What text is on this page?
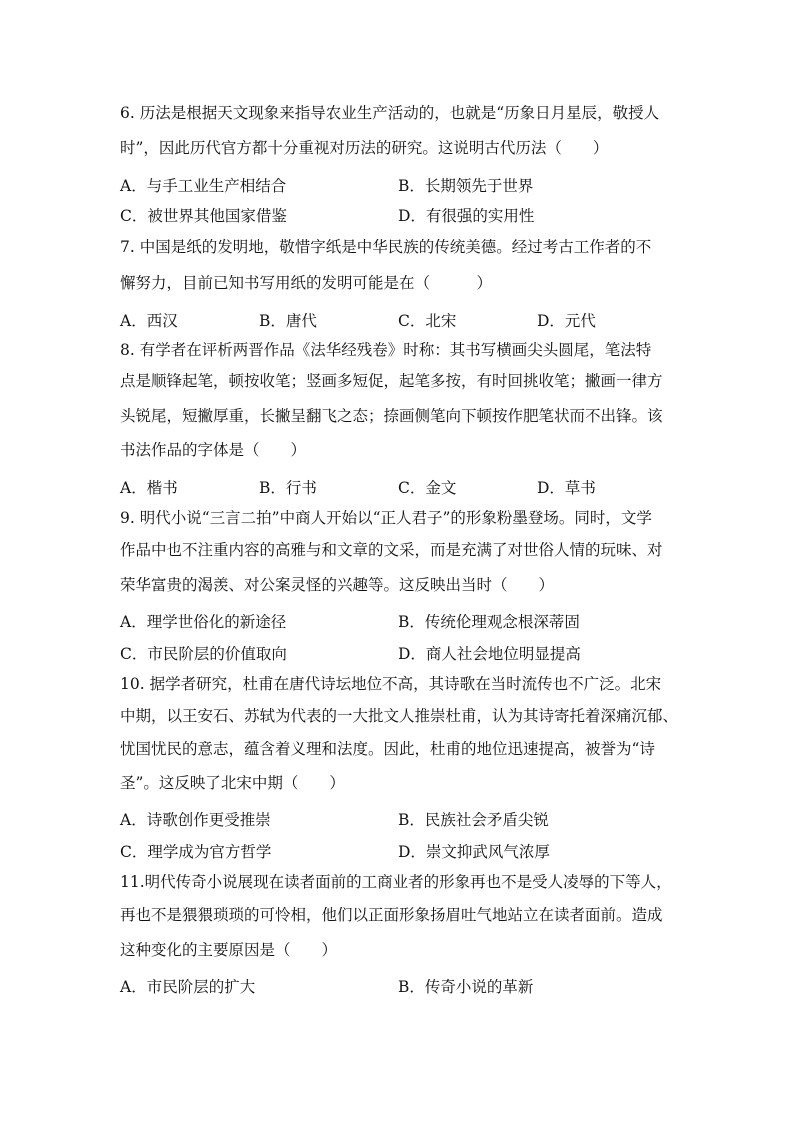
6. 历法是根据天文现象来指导农业生产活动的，也就是“历象日月星辰，敬授人
时”，因此历代官方都十分重视对历法的研究。这说明古代历法（　　）
A．与手工业生产相结合	B．长期领先于世界
C．被世界其他国家借鉴	D．有很强的实用性
7. 中国是纸的发明地，敬惜字纸是中华民族的传统美德。经过考古工作者的不
懈努力，目前已知书写用纸的发明可能是在（　　　）
A．西汉	B．唐代	C．北宋	D．元代
8. 有学者在评析两晋作品《法华经残卷》时称：其书写横画尖头圆尾，笔法特
点是顺锋起笔，顿按收笔；竖画多短促，起笔多按，有时回挑收笔；撇画一律方
头锐尾，短撇厚重，长撇呈翻飞之态；捺画侧笔向下顿按作肥笔状而不出锋。该
书法作品的字体是（　　）
A．楷书	B．行书	C．金文	D．草书
9. 明代小说“三言二拍”中商人开始以“正人君子”的形象粉墨登场。同时，文学
作品中也不注重内容的高雅与和文章的文采，而是充满了对世俗人情的玩味、对
荣华富贵的渴羡、对公案灵怪的兴趣等。这反映出当时（　　）
A．理学世俗化的新途径	B．传统伦理观念根深蒂固
C．市民阶层的价值取向	D．商人社会地位明显提高
10. 据学者研究，杜甫在唐代诗坛地位不高，其诗歌在当时流传也不广泛。北宋
中期，以王安石、苏轼为代表的一大批文人推崇杜甫，认为其诗寄托着深痛沉郁、
忧国忧民的意志，蕴含着义理和法度。因此，杜甫的地位迅速提高，被誉为“诗
圣”。这反映了北宋中期（　　）
A．诗歌创作更受推崇	B．民族社会矛盾尖锐
C．理学成为官方哲学	D．崇文抑武风气浓厚
11.明代传奇小说展现在读者面前的工商业者的形象再也不是受人凌辱的下等人，
再也不是猥猥琐琐的可怜相，他们以正面形象扬眉吐气地站立在读者面前。造成
这种变化的主要原因是（　　）
A．市民阶层的扩大	B．传奇小说的革新
